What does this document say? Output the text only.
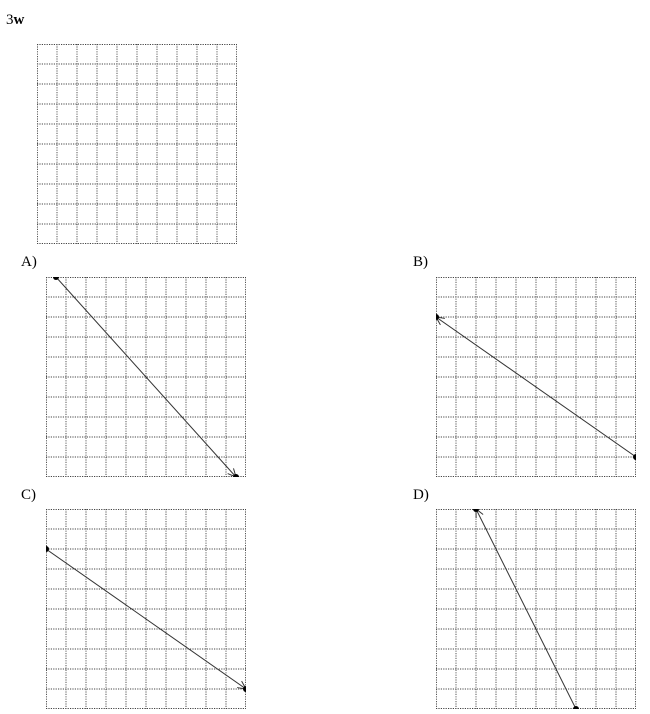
3w
A)	B)
C)	D)
